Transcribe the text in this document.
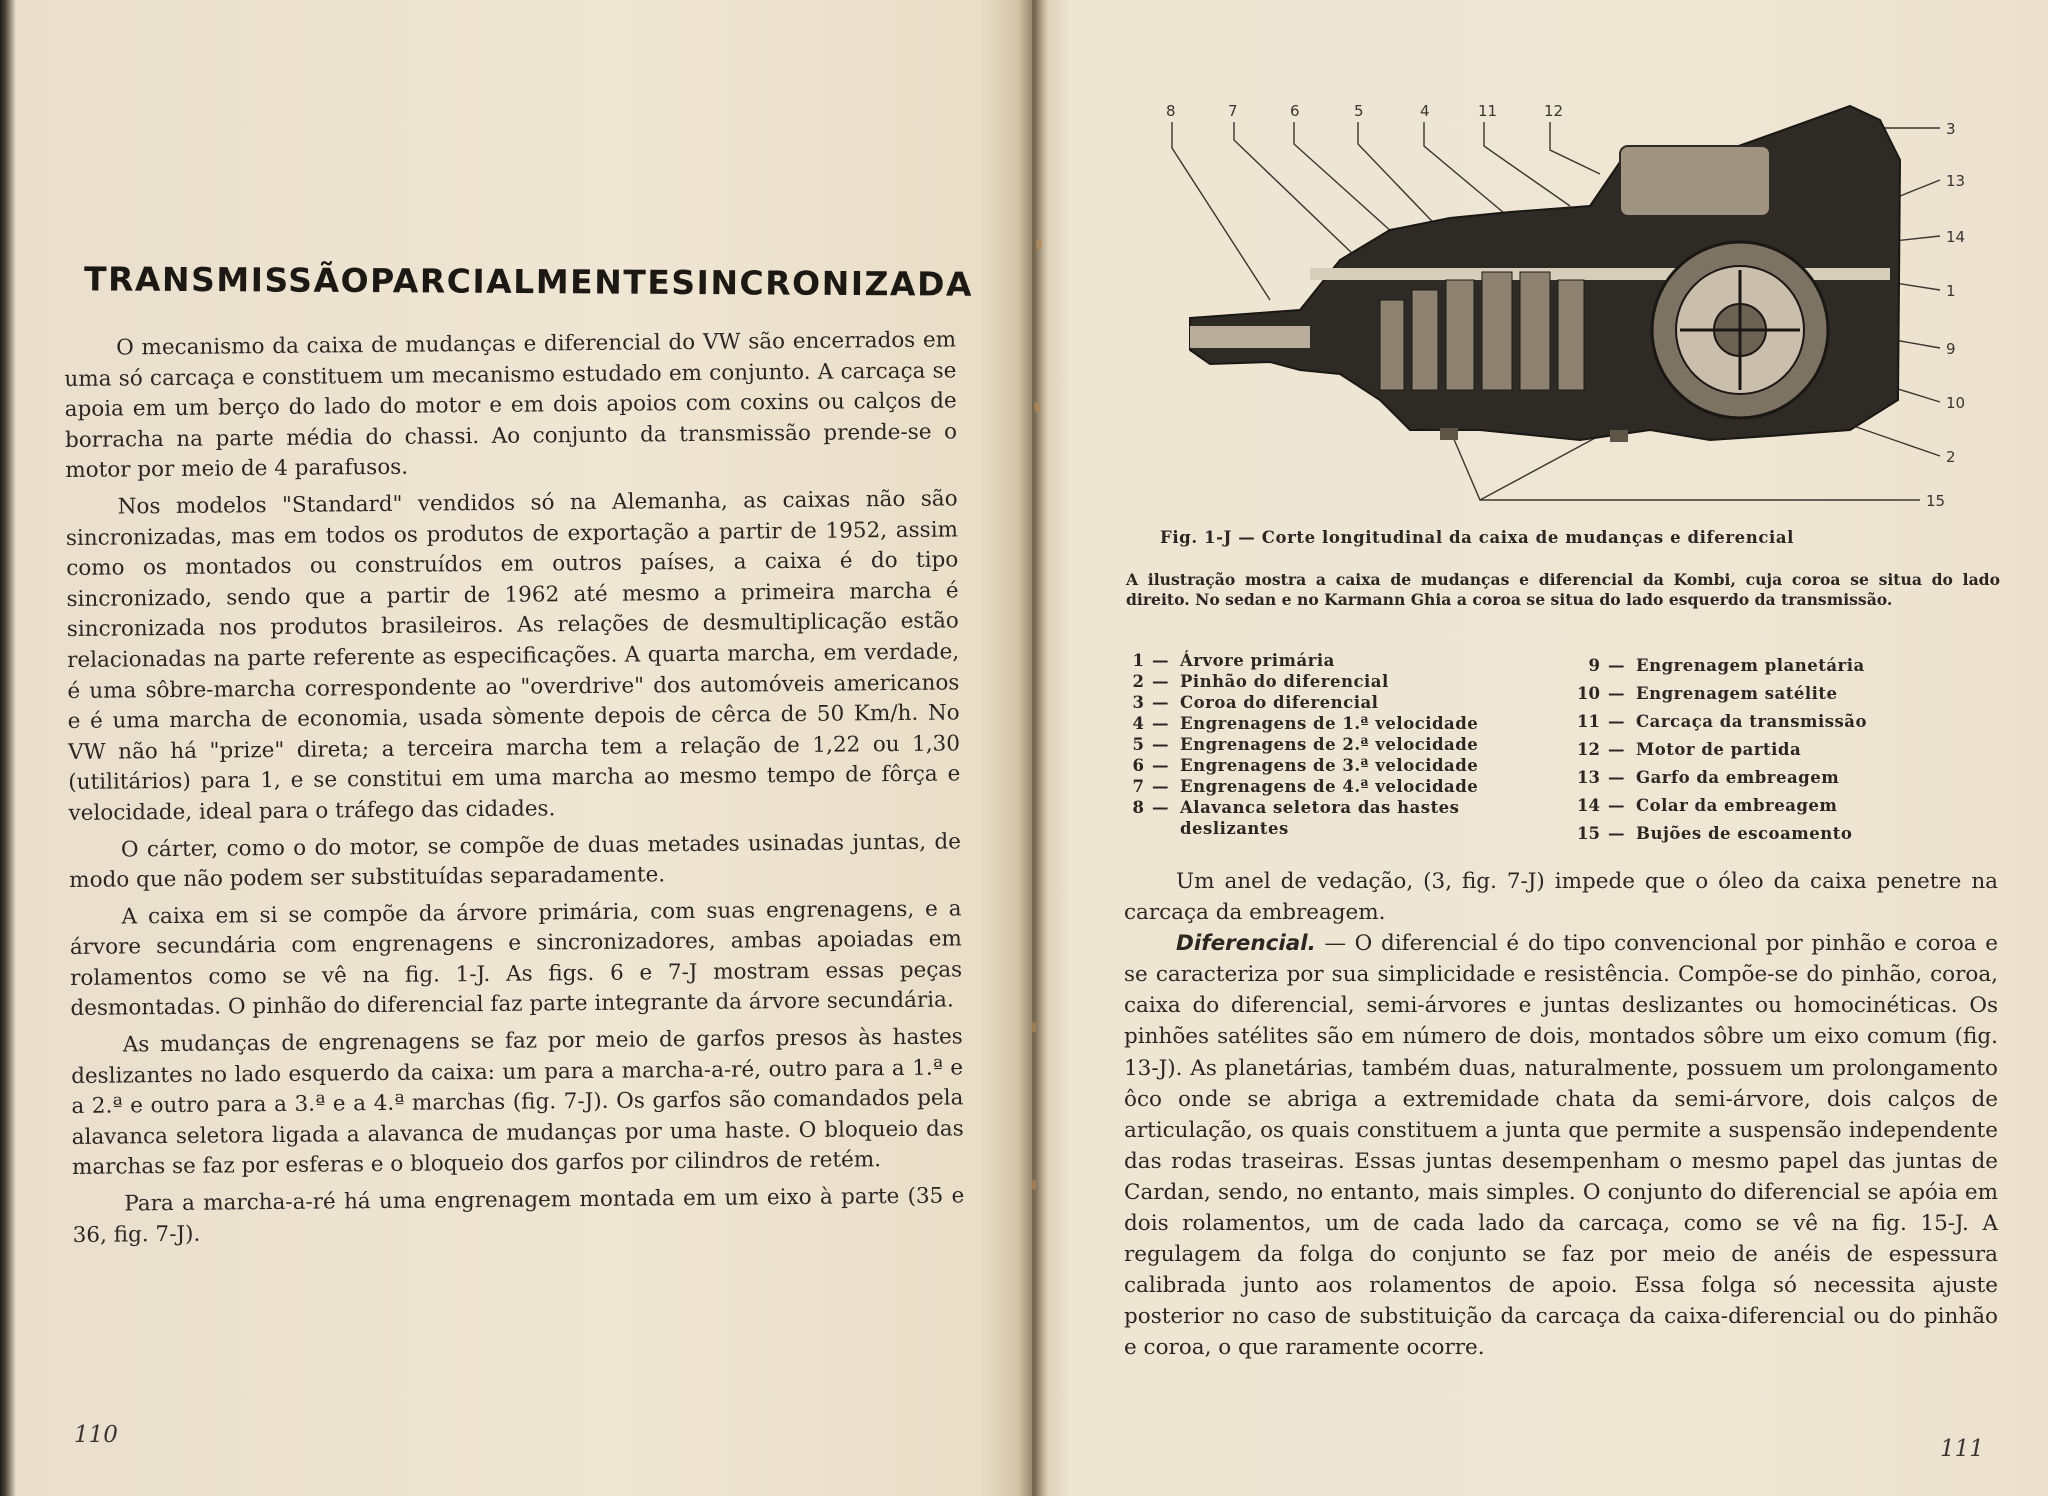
TRANSMISSÃO PARCIALMENTE SINCRONIZADA

O mecanismo da caixa de mudanças e diferencial do VW são encerrados em uma só carcaça e constituem um mecanismo estudado em conjunto. A carcaça se apoia em um berço do lado do motor e em dois apoios com coxins ou calços de borracha na parte média do chassi. Ao conjunto da transmissão prende-se o motor por meio de 4 parafusos.

Nos modelos "Standard" vendidos só na Alemanha, as caixas não são sincronizadas, mas em todos os produtos de exportação a partir de 1952, assim como os montados ou construídos em outros países, a caixa é do tipo sincronizado, sendo que a partir de 1962 até mesmo a primeira marcha é sincronizada nos produtos brasileiros. As relações de desmultiplicação estão relacionadas na parte referente as especificações. A quarta marcha, em verdade, é uma sôbre-marcha correspondente ao "overdrive" dos automóveis americanos e é uma marcha de economia, usada sòmente depois de cêrca de 50 Km/h. No VW não há "prize" direta; a terceira marcha tem a relação de 1,22 ou 1,30 (utilitários) para 1, e se constitui em uma marcha ao mesmo tempo de fôrça e velocidade, ideal para o tráfego das cidades.

O cárter, como o do motor, se compõe de duas metades usinadas juntas, de modo que não podem ser substituídas separadamente.

A caixa em si se compõe da árvore primária, com suas engrenagens, e a árvore secundária com engrenagens e sincronizadores, ambas apoiadas em rolamentos como se vê na fig. 1-J. As figs. 6 e 7-J mostram essas peças desmontadas. O pinhão do diferencial faz parte integrante da árvore secundária.

As mudanças de engrenagens se faz por meio de garfos presos às hastes deslizantes no lado esquerdo da caixa: um para a marcha-a-ré, outro para a 1.ª e a 2.ª e outro para a 3.ª e a 4.ª marchas (fig. 7-J). Os garfos são comandados pela alavanca seletora ligada a alavanca de mudanças por uma haste. O bloqueio das marchas se faz por esferas e o bloqueio dos garfos por cilindros de retém.

Para a marcha-a-ré há uma engrenagem montada em um eixo à parte (35 e 36, fig. 7-J).

110
8	7	6	5	4	11	12
3
13
14
1
9
10
2
15
Fig. 1-J — Corte longitudinal da caixa de mudanças e diferencial
A ilustração mostra a caixa de mudanças e diferencial da Kombi, cuja coroa se situa do lado direito. No sedan e no Karmann Ghia a coroa se situa do lado esquerdo da transmissão.
1 — Árvore primária
2 — Pinhão do diferencial
3 — Coroa do diferencial
4 — Engrenagens de 1.ª velocidade
5 — Engrenagens de 2.ª velocidade
6 — Engrenagens de 3.ª velocidade
7 — Engrenagens de 4.ª velocidade
8 — Alavanca seletora das hastes deslizantes
9 — Engrenagem planetária
10 — Engrenagem satélite
11 — Carcaça da transmissão
12 — Motor de partida
13 — Garfo da embreagem
14 — Colar da embreagem
15 — Bujões de escoamento

Um anel de vedação, (3, fig. 7-J) impede que o óleo da caixa penetre na carcaça da embreagem.

Diferencial. — O diferencial é do tipo convencional por pinhão e coroa e se caracteriza por sua simplicidade e resistência. Compõe-se do pinhão, coroa, caixa do diferencial, semi-árvores e juntas deslizantes ou homocinéticas. Os pinhões satélites são em número de dois, montados sôbre um eixo comum (fig. 13-J). As planetárias, também duas, naturalmente, possuem um prolongamento ôco onde se abriga a extremidade chata da semi-árvore, dois calços de articulação, os quais constituem a junta que permite a suspensão independente das rodas traseiras. Essas juntas desempenham o mesmo papel das juntas de Cardan, sendo, no entanto, mais simples. O conjunto do diferencial se apóia em dois rolamentos, um de cada lado da carcaça, como se vê na fig. 15-J. A regulagem da folga do conjunto se faz por meio de anéis de espessura calibrada junto aos rolamentos de apoio. Essa folga só necessita ajuste posterior no caso de substituição da carcaça da caixa-diferencial ou do pinhão e coroa, o que raramente ocorre.

111
